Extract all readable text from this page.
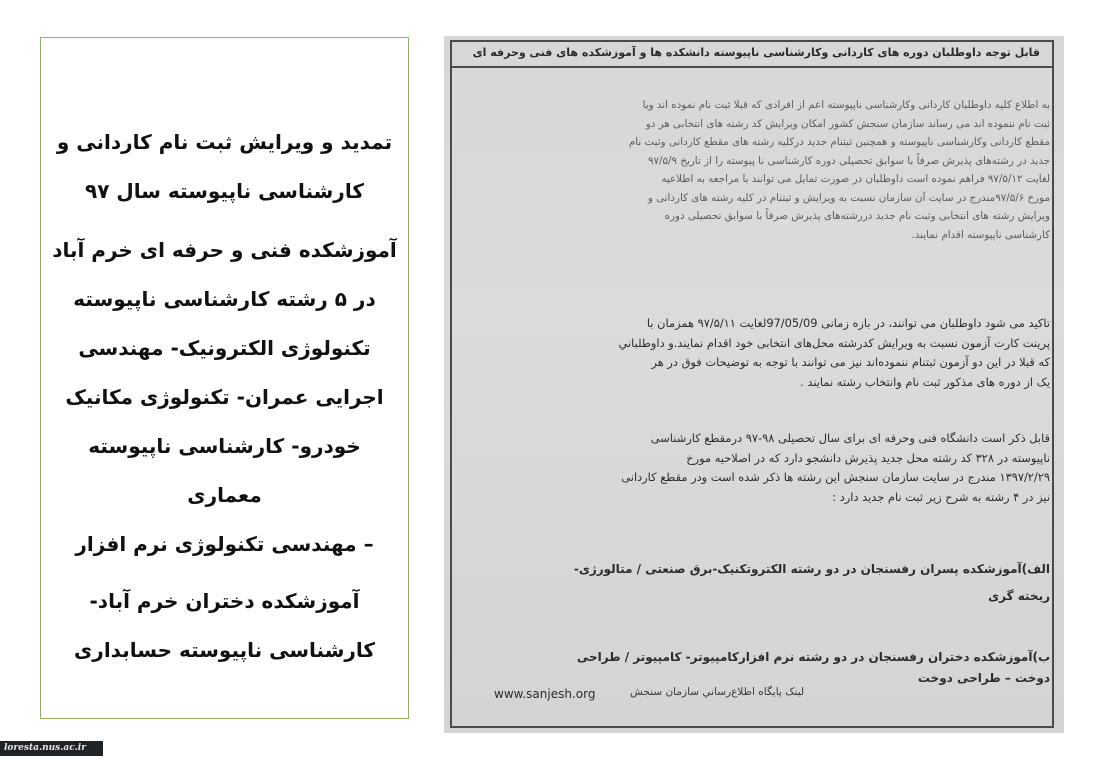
تمدید و ویرایش ثبت نام کاردانی و

کارشناسی ناپیوسته سال ۹۷

آموزشکده فنی و حرفه ای خرم آباد

در ۵ رشته کارشناسی ناپیوسته

تکنولوژی الکترونیک- مهندسی

اجرایی عمران- تکنولوژی مکانیک

خودرو- کارشناسی ناپیوسته معماری

– مهندسی تکنولوژی نرم افزار

آموزشکده دختران خرم آباد-

کارشناسی ناپیوسته حسابداری

قابل توجه داوطلبان دوره های کاردانی وکارشناسی ناپیوسته دانشکده ها و آموزشکده های فنی وحرفه ای
به اطلاع کلیه داوطلبان کاردانی وکارشناسی ناپیوسته اعم از افرادی که قبلا ثبت نام نموده اند ویا
ثبت نام ننموده اند می رساند سازمان سنجش کشور امکان ویرایش کد رشته های انتخابی هر دو
مقطع کاردانی وکارشناسی ناپیوسته و همچنین ثبتنام جدید درکلیه رشته های مقطع کاردانی وثبت نام
جدید در رشته‌های پذیرش صرفاً با سوابق تحصیلی دوره کارشناسی نا پیوسته را از تاریخ ۹۷/۵/۹
لغایت ۹۷/۵/۱۲ فراهم نموده است داوطلبان در صورت تمایل می توانند با مراجعه به اطلاعیه
مورخ ۹۷/۵/۶مندرج در سایت آن سازمان نسبت به ویرایش و ثبتنام در کلیه رشته های کاردانی و
ویرایش رشته های انتخابی وثبت نام جدید دررشته‌های پذیرش صرفاً با سوابق تحصیلی دوره
کارشناسی ناپیوسته اقدام نمایند.
تاکید می شود داوطلبان می توانند، در بازه زمانی 97/05/09لغایت ۹۷/۵/۱۱ همزمان با
پرینت کارت آزمون نسبت به ویرایش کدرشته محل‌های انتخابی خود اقدام نمایند.و داوطلباني
که قبلا در این دو آزمون ثبتنام ننموده‌اند نیز می توانند با توجه به توضیحات فوق در هر
یک از دوره های مذکور ثبت نام وانتخاب رشته نمایند .
قابل ذکر است دانشگاه فنی وحرفه ای برای سال تحصیلی ۹۸-۹۷ درمقطع کارشناسی
ناپیوسته در ۳۲۸ کد رشته محل جدید پذیرش دانشجو دارد که در اصلاحیه مورخ
۱۳۹۷/۲/۲۹ مندرج در سایت سازمان سنجش این رشته ها ذکر شده است ودر مقطع کاردانی
نیز در ۴ رشته به شرح زیر ثبت نام جدید دارد :
الف)آموزشکده پسران رفسنجان در دو رشته الکتروتکنیک-برق صنعتی / متالورژی-
ریخته گری
ب)آموزشکده دختران رفسنجان در دو رشته نرم افزارکامپیوتر- کامپیوتر / طراحی
دوخت – طراحی دوخت
لینک پایگاه اطلاع‌رساني سازمان سنجش
www.sanjesh.org
loresta.nus.ac.ir
